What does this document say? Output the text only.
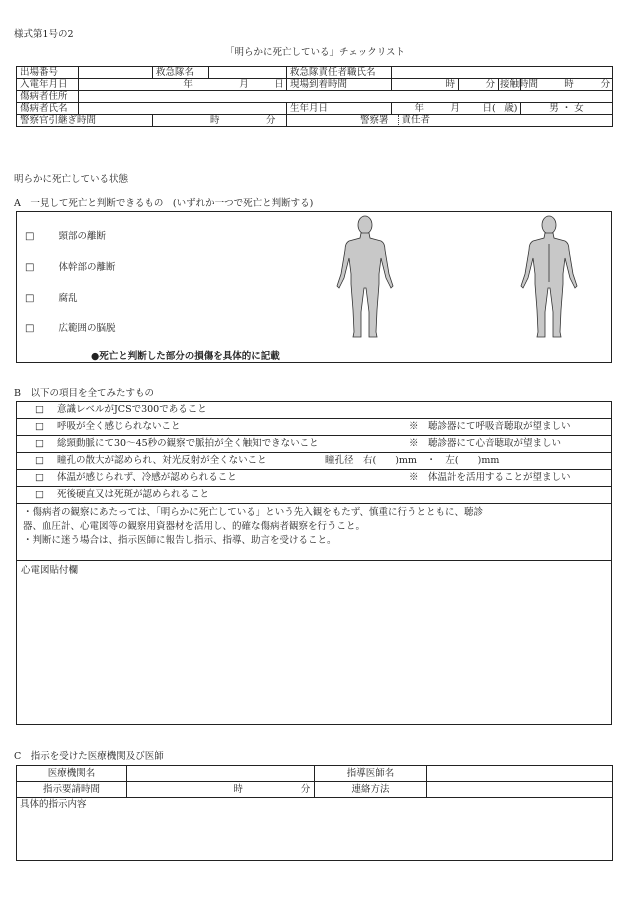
様式第1号の2
「明らかに死亡している」チェックリスト
出場番号		救急隊名		救急隊責任者職氏名				
入電年月日	年 月 日			現場到着時間	時	分	接触時間	時 分
傷病者住所								
傷病者氏名				生年月日	年 月 日( 歳)			男 ・ 女
警察官引継ぎ時間		時 分		警察署	責任者			
明らかに死亡している状態
A　一見して死亡と判断できるもの　(いずれか一つで死亡と判断する)
□	頸部の離断
□	体幹部の離断
□	腐乱
□	広範囲の脳脱
●死亡と判断した部分の損傷を具体的に記載
B　以下の項目を全てみたすもの
□ 意識レベルがJCSで300であること
□ 呼吸が全く感じられないこと	※　聴診器にて呼吸音聴取が望ましい
□ 総頸動脈にて30～45秒の観察で脈拍が全く触知できないこと	※　聴診器にて心音聴取が望ましい
□ 瞳孔の散大が認められ、対光反射が全くないこと	瞳孔径　右(　　)mm　・　左(　　)mm
□ 体温が感じられず、冷感が認められること	※　体温計を活用することが望ましい
□ 死後硬直又は死斑が認められること
・傷病者の観察にあたっては、「明らかに死亡している」という先入観をもたず、慎重に行うとともに、聴診
器、血圧計、心電図等の観察用資器材を活用し、的確な傷病者観察を行うこと。
・判断に迷う場合は、指示医師に報告し指示、指導、助言を受けること。
心電図貼付欄
C　指示を受けた医療機関及び医師
医療機関名		指導医師名	
指示要請時間	時 分	連絡方法	
具体的指示内容			
